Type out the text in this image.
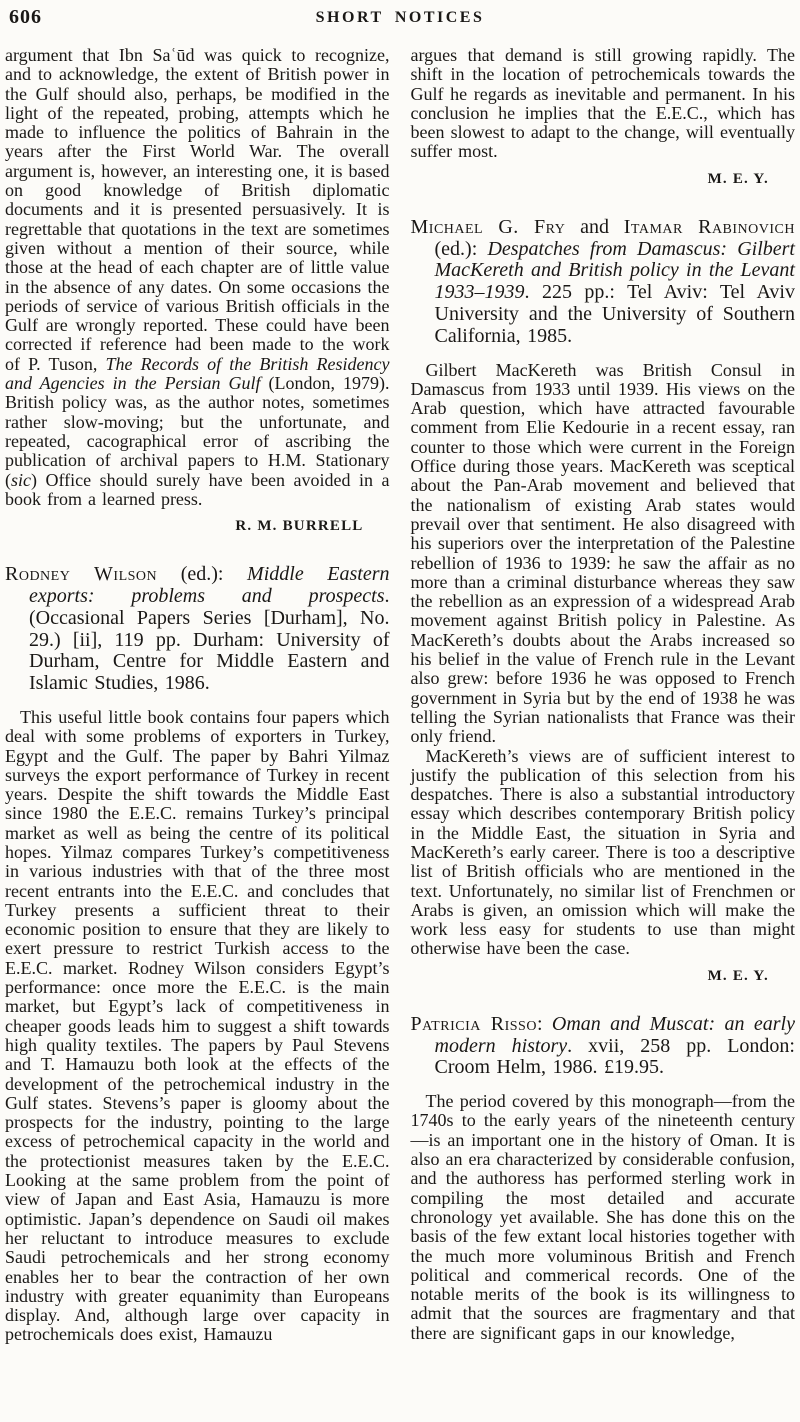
606	SHORT NOTICES

argument that Ibn Saʿūd was quick to recognize, and to acknowledge, the extent of British power in the Gulf should also, perhaps, be modified in the light of the repeated, probing, attempts which he made to influence the politics of Bahrain in the years after the First World War. The overall argument is, however, an interesting one, it is based on good knowledge of British diplomatic documents and it is presented persuasively. It is regrettable that quotations in the text are sometimes given without a mention of their source, while those at the head of each chapter are of little value in the absence of any dates. On some occasions the periods of service of various British officials in the Gulf are wrongly reported. These could have been corrected if reference had been made to the work of P. Tuson, The Records of the British Residency and Agencies in the Persian Gulf (London, 1979). British policy was, as the author notes, sometimes rather slow-moving; but the unfortunate, and repeated, cacographical error of ascribing the publication of archival papers to H.M. Stationary (sic) Office should surely have been avoided in a book from a learned press.

R. M. BURRELL
Rodney Wilson (ed.): Middle Eastern exports: problems and prospects. (Occasional Papers Series [Durham], No. 29.) [ii], 119 pp. Durham: University of Durham, Centre for Middle Eastern and Islamic Studies, 1986.

This useful little book contains four papers which deal with some problems of exporters in Turkey, Egypt and the Gulf. The paper by Bahri Yilmaz surveys the export performance of Turkey in recent years. Despite the shift towards the Middle East since 1980 the E.E.C. remains Turkey’s principal market as well as being the centre of its political hopes. Yilmaz compares Turkey’s competitiveness in various industries with that of the three most recent entrants into the E.E.C. and concludes that Turkey presents a sufficient threat to their economic position to ensure that they are likely to exert pressure to restrict Turkish access to the E.E.C. market. Rodney Wilson considers Egypt’s performance: once more the E.E.C. is the main market, but Egypt’s lack of competitiveness in cheaper goods leads him to suggest a shift towards high quality textiles. The papers by Paul Stevens and T. Hamauzu both look at the effects of the development of the petrochemical industry in the Gulf states. Stevens’s paper is gloomy about the prospects for the industry, pointing to the large excess of petrochemical capacity in the world and the protectionist measures taken by the E.E.C. Looking at the same problem from the point of view of Japan and East Asia, Hamauzu is more optimistic. Japan’s dependence on Saudi oil makes her reluctant to introduce measures to exclude Saudi petrochemicals and her strong economy enables her to bear the contraction of her own industry with greater equanimity than Europeans display. And, although large over capacity in petrochemicals does exist, Hamauzu

argues that demand is still growing rapidly. The shift in the location of petrochemicals towards the Gulf he regards as inevitable and permanent. In his conclusion he implies that the E.E.C., which has been slowest to adapt to the change, will eventually suffer most.

M. E. Y.
Michael G. Fry and Itamar Rabinovich (ed.): Despatches from Damascus: Gilbert MacKereth and British policy in the Levant 1933–1939. 225 pp.: Tel Aviv: Tel Aviv University and the University of Southern California, 1985.

Gilbert MacKereth was British Consul in Damascus from 1933 until 1939. His views on the Arab question, which have attracted favourable comment from Elie Kedourie in a recent essay, ran counter to those which were current in the Foreign Office during those years. MacKereth was sceptical about the Pan-Arab movement and believed that the nationalism of existing Arab states would prevail over that sentiment. He also disagreed with his superiors over the interpretation of the Palestine rebellion of 1936 to 1939: he saw the affair as no more than a criminal disturbance whereas they saw the rebellion as an expression of a widespread Arab movement against British policy in Palestine. As MacKereth’s doubts about the Arabs increased so his belief in the value of French rule in the Levant also grew: before 1936 he was opposed to French government in Syria but by the end of 1938 he was telling the Syrian nationalists that France was their only friend.

MacKereth’s views are of sufficient interest to justify the publication of this selection from his despatches. There is also a substantial introductory essay which describes contemporary British policy in the Middle East, the situation in Syria and MacKereth’s early career. There is too a descriptive list of British officials who are mentioned in the text. Unfortunately, no similar list of Frenchmen or Arabs is given, an omission which will make the work less easy for students to use than might otherwise have been the case.

M. E. Y.
Patricia Risso: Oman and Muscat: an early modern history. xvii, 258 pp. London: Croom Helm, 1986. £19.95.

The period covered by this monograph—from the 1740s to the early years of the nineteenth century—is an important one in the history of Oman. It is also an era characterized by considerable confusion, and the authoress has performed sterling work in compiling the most detailed and accurate chronology yet available. She has done this on the basis of the few extant local histories together with the much more voluminous British and French political and commerical records. One of the notable merits of the book is its willingness to admit that the sources are fragmentary and that there are significant gaps in our knowledge,
